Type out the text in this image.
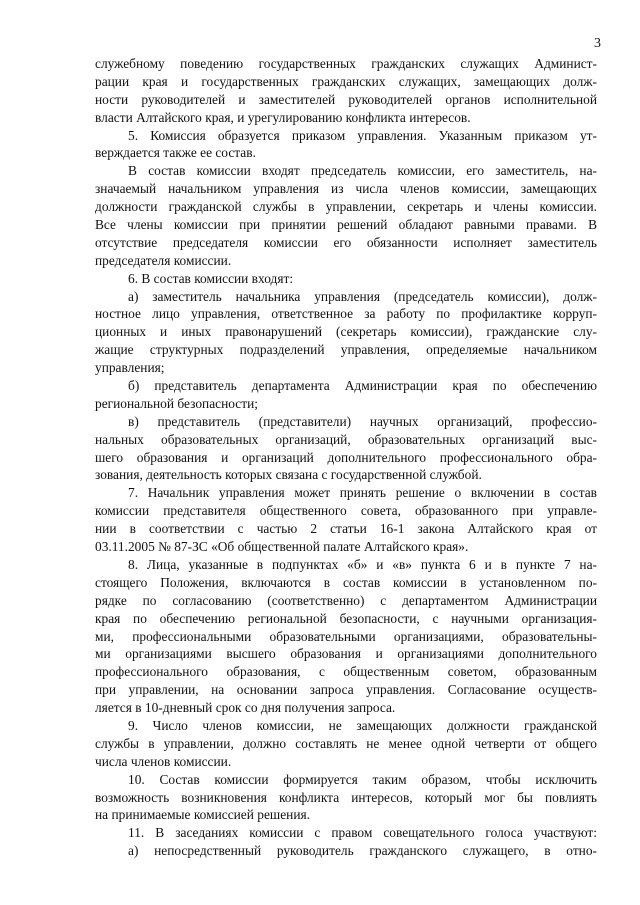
3
служебному поведению государственных гражданских служащих Админист-
рации края и государственных гражданских служащих, замещающих долж-
ности руководителей и заместителей руководителей органов исполнительной
власти Алтайского края, и урегулированию конфликта интересов.
5. Комиссия образуется приказом управления. Указанным приказом ут-
верждается также ее состав.
В состав комиссии входят председатель комиссии, его заместитель, на-
значаемый начальником управления из числа членов комиссии, замещающих
должности гражданской службы в управлении, секретарь и члены комиссии.
Все члены комиссии при принятии решений обладают равными правами. В
отсутствие председателя комиссии его обязанности исполняет заместитель
председателя комиссии.
6. В состав комиссии входят:
а) заместитель начальника управления (председатель комиссии), долж-
ностное лицо управления, ответственное за работу по профилактике корруп-
ционных и иных правонарушений (секретарь комиссии), гражданские слу-
жащие структурных подразделений управления, определяемые начальником
управления;
б) представитель департамента Администрации края по обеспечению
региональной безопасности;
в) представитель (представители) научных организаций, профессио-
нальных образовательных организаций, образовательных организаций выс-
шего образования и организаций дополнительного профессионального обра-
зования, деятельность которых связана с государственной службой.
7. Начальник управления может принять решение о включении в состав
комиссии представителя общественного совета, образованного при управле-
нии в соответствии с частью 2 статьи 16-1 закона Алтайского края от
03.11.2005 № 87-ЗС «Об общественной палате Алтайского края».
8. Лица, указанные в подпунктах «б» и «в» пункта 6 и в пункте 7 на-
стоящего Положения, включаются в состав комиссии в установленном по-
рядке по согласованию (соответственно) с департаментом Администрации
края по обеспечению региональной безопасности, с научными организация-
ми, профессиональными образовательными организациями, образовательны-
ми организациями высшего образования и организациями дополнительного
профессионального образования, с общественным советом, образованным
при управлении, на основании запроса управления. Согласование осуществ-
ляется в 10-дневный срок со дня получения запроса.
9. Число членов комиссии, не замещающих должности гражданской
службы в управлении, должно составлять не менее одной четверти от общего
числа членов комиссии.
10. Состав комиссии формируется таким образом, чтобы исключить
возможность возникновения конфликта интересов, который мог бы повлиять
на принимаемые комиссией решения.
11. В заседаниях комиссии с правом совещательного голоса участвуют:
а) непосредственный руководитель гражданского служащего, в отно-
